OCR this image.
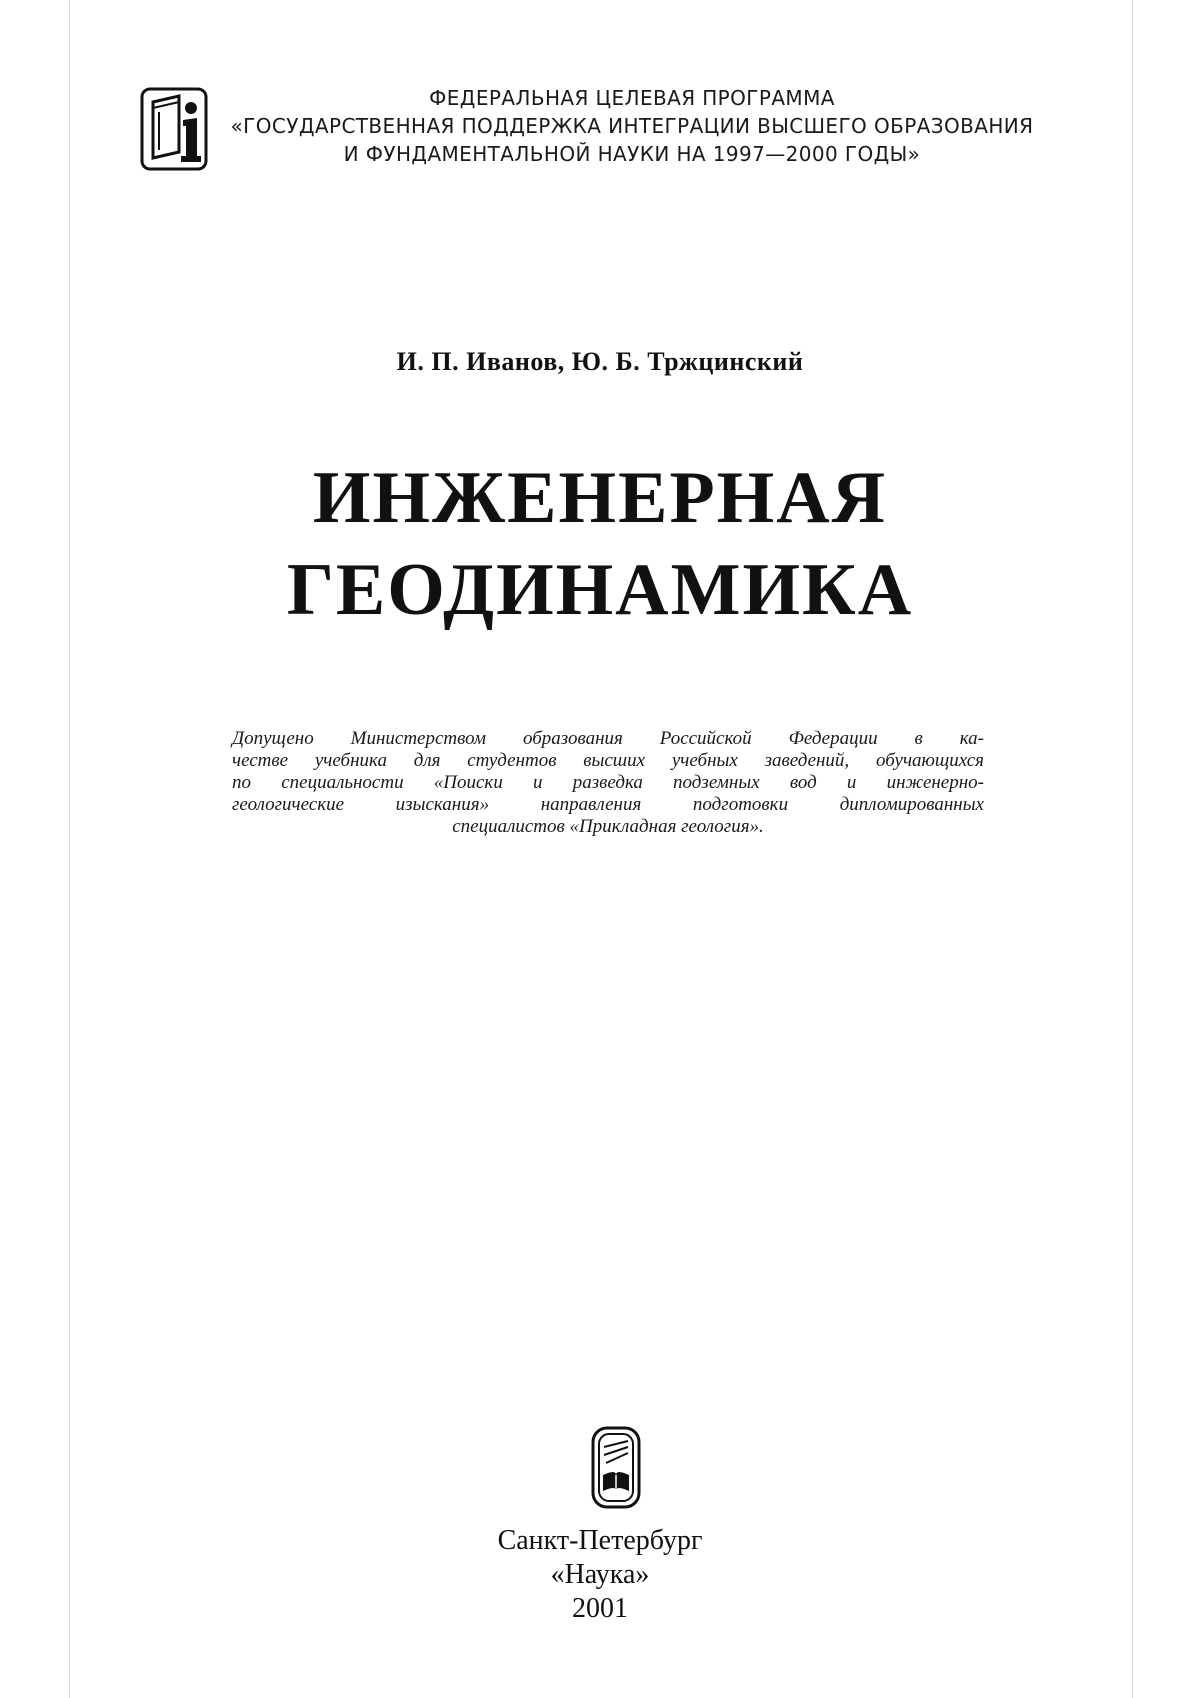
ФЕДЕРАЛЬНАЯ ЦЕЛЕВАЯ ПРОГРАММА
«ГОСУДАРСТВЕННАЯ ПОДДЕРЖКА ИНТЕГРАЦИИ ВЫСШЕГО ОБРАЗОВАНИЯ
И ФУНДАМЕНТАЛЬНОЙ НАУКИ НА 1997—2000 ГОДЫ»
И. П. Иванов, Ю. Б. Тржцинский
ИНЖЕНЕРНАЯ
ГЕОДИНАМИКА
Допущено Министерством образования Российской Федерации в ка-
честве учебника для студентов высших учебных заведений, обучающихся
по специальности «Поиски и разведка подземных вод и инженерно-
геологические изыскания» направления подготовки дипломированных
специалистов «Прикладная геология».
Санкт-Петербург
«Наука»
2001
